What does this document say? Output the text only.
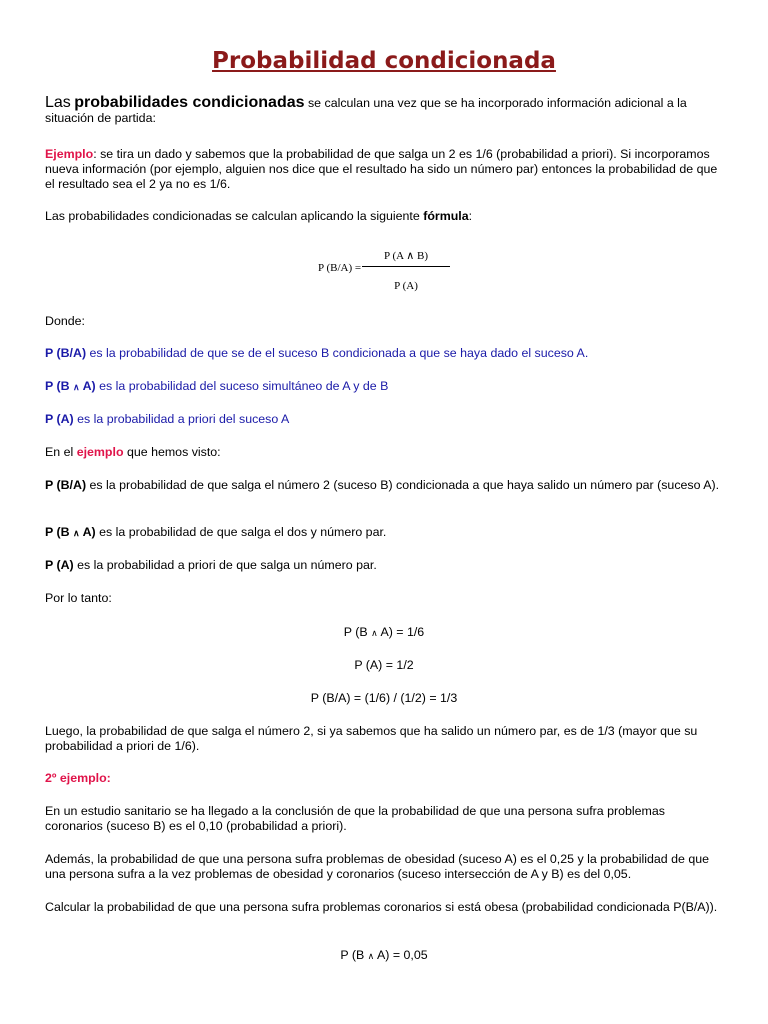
Probabilidad condicionada

Las probabilidades condicionadas se calculan una vez que se ha incorporado información adicional a la situación de partida:

Ejemplo: se tira un dado y sabemos que la probabilidad de que salga un 2 es 1/6 (probabilidad a priori). Si incorporamos nueva información (por ejemplo, alguien nos dice que el resultado ha sido un número par) entonces la probabilidad de que el resultado sea el 2 ya no es 1/6.

Las probabilidades condicionadas se calculan aplicando la siguiente fórmula:

P (B/A) =
P (A ∧ B)
P (A)

Donde:

P (B/A) es la probabilidad de que se de el suceso B condicionada a que se haya dado el suceso A.

P (B ∧ A) es la probabilidad del suceso simultáneo de A y de B

P (A) es la probabilidad a priori del suceso A

En el ejemplo que hemos visto:

P (B/A) es la probabilidad de que salga el número 2 (suceso B) condicionada a que haya salido un número par (suceso A).

P (B ∧ A) es la probabilidad de que salga el dos y número par.

P (A) es la probabilidad a priori de que salga un número par.

Por lo tanto:

P (B ∧ A) = 1/6

P (A) = 1/2

P (B/A) = (1/6) / (1/2) = 1/3

Luego, la probabilidad de que salga el número 2, si ya sabemos que ha salido un número par, es de 1/3 (mayor que su probabilidad a priori de 1/6).

2º ejemplo:

En un estudio sanitario se ha llegado a la conclusión de que la probabilidad de que una persona sufra problemas coronarios (suceso B) es el 0,10 (probabilidad a priori).

Además, la probabilidad de que una persona sufra problemas de obesidad (suceso A) es el 0,25 y la probabilidad de que una persona sufra a la vez problemas de obesidad y coronarios (suceso intersección de A y B) es del 0,05.

Calcular la probabilidad de que una persona sufra problemas coronarios si está obesa (probabilidad condicionada P(B/A)).

P (B ∧ A) = 0,05
